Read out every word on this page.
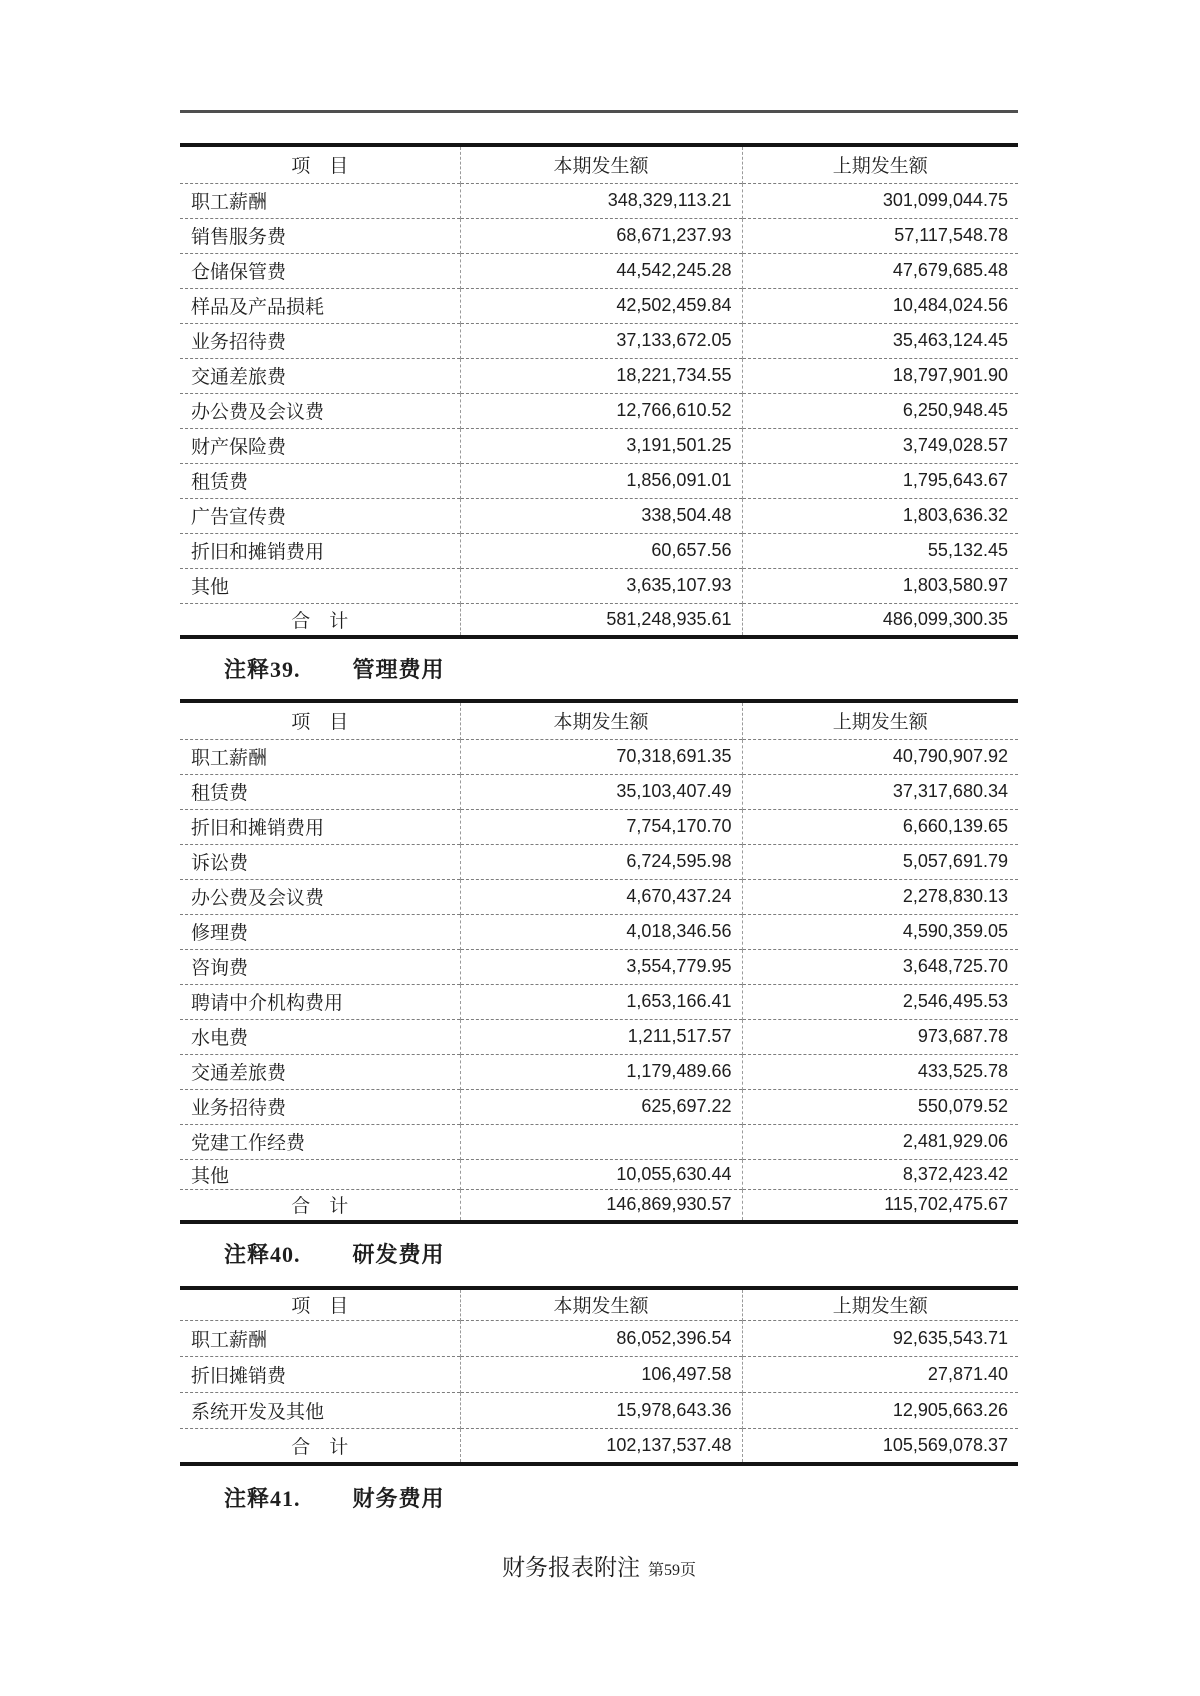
项　目	本期发生额	上期发生额
职工薪酬	348,329,113.21	301,099,044.75
销售服务费	68,671,237.93	57,117,548.78
仓储保管费	44,542,245.28	47,679,685.48
样品及产品损耗	42,502,459.84	10,484,024.56
业务招待费	37,133,672.05	35,463,124.45
交通差旅费	18,221,734.55	18,797,901.90
办公费及会议费	12,766,610.52	6,250,948.45
财产保险费	3,191,501.25	3,749,028.57
租赁费	1,856,091.01	1,795,643.67
广告宣传费	338,504.48	1,803,636.32
折旧和摊销费用	60,657.56	55,132.45
其他	3,635,107.93	1,803,580.97
合　计	581,248,935.61	486,099,300.35
注释39. 管理费用
项　目	本期发生额	上期发生额
职工薪酬	70,318,691.35	40,790,907.92
租赁费	35,103,407.49	37,317,680.34
折旧和摊销费用	7,754,170.70	6,660,139.65
诉讼费	6,724,595.98	5,057,691.79
办公费及会议费	4,670,437.24	2,278,830.13
修理费	4,018,346.56	4,590,359.05
咨询费	3,554,779.95	3,648,725.70
聘请中介机构费用	1,653,166.41	2,546,495.53
水电费	1,211,517.57	973,687.78
交通差旅费	1,179,489.66	433,525.78
业务招待费	625,697.22	550,079.52
党建工作经费		2,481,929.06
其他	10,055,630.44	8,372,423.42
合　计	146,869,930.57	115,702,475.67
注释40. 研发费用
项　目	本期发生额	上期发生额
职工薪酬	86,052,396.54	92,635,543.71
折旧摊销费	106,497.58	27,871.40
系统开发及其他	15,978,643.36	12,905,663.26
合　计	102,137,537.48	105,569,078.37
注释41. 财务费用
财务报表附注 第59页
